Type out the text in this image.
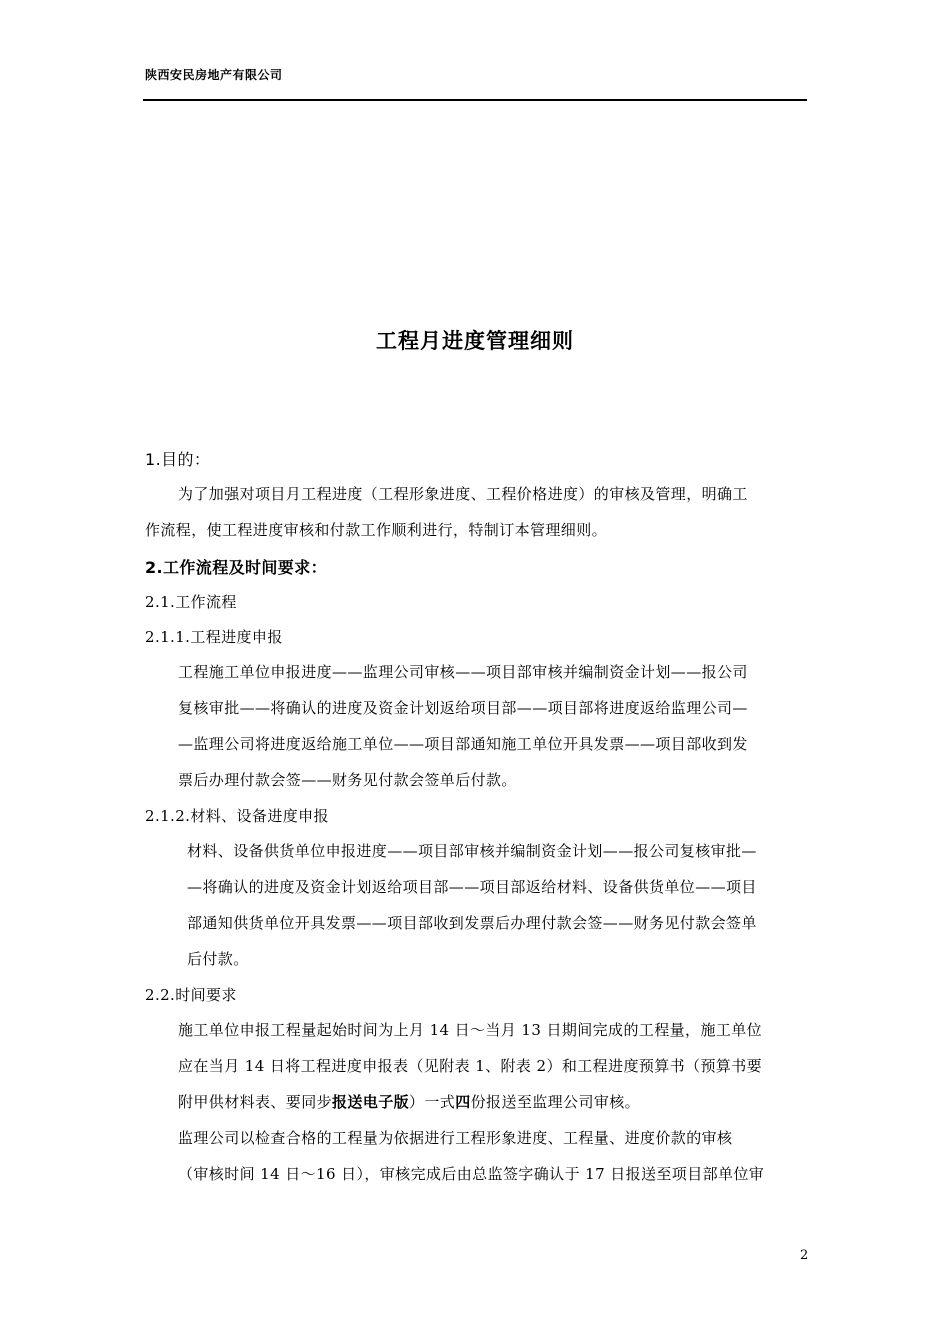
陕西安民房地产有限公司
工程月进度管理细则
1.目的：
为了加强对项目月工程进度（工程形象进度、工程价格进度）的审核及管理，明确工
作流程，使工程进度审核和付款工作顺利进行，特制订本管理细则。
2.工作流程及时间要求：
2.1.工作流程
2.1.1.工程进度申报
工程施工单位申报进度——监理公司审核——项目部审核并编制资金计划——报公司
复核审批——将确认的进度及资金计划返给项目部——项目部将进度返给监理公司—
—监理公司将进度返给施工单位——项目部通知施工单位开具发票——项目部收到发
票后办理付款会签——财务见付款会签单后付款。
2.1.2.材料、设备进度申报
材料、设备供货单位申报进度——项目部审核并编制资金计划——报公司复核审批—
—将确认的进度及资金计划返给项目部——项目部返给材料、设备供货单位——项目
部通知供货单位开具发票——项目部收到发票后办理付款会签——财务见付款会签单
后付款。
2.2.时间要求
施工单位申报工程量起始时间为上月 14 日～当月 13 日期间完成的工程量，施工单位
应在当月 14 日将工程进度申报表（见附表 1、附表 2）和工程进度预算书（预算书要
附甲供材料表、要同步报送电子版）一式四份报送至监理公司审核。
监理公司以检查合格的工程量为依据进行工程形象进度、工程量、进度价款的审核
（审核时间 14 日～16 日），审核完成后由总监签字确认于 17 日报送至项目部单位审
2
